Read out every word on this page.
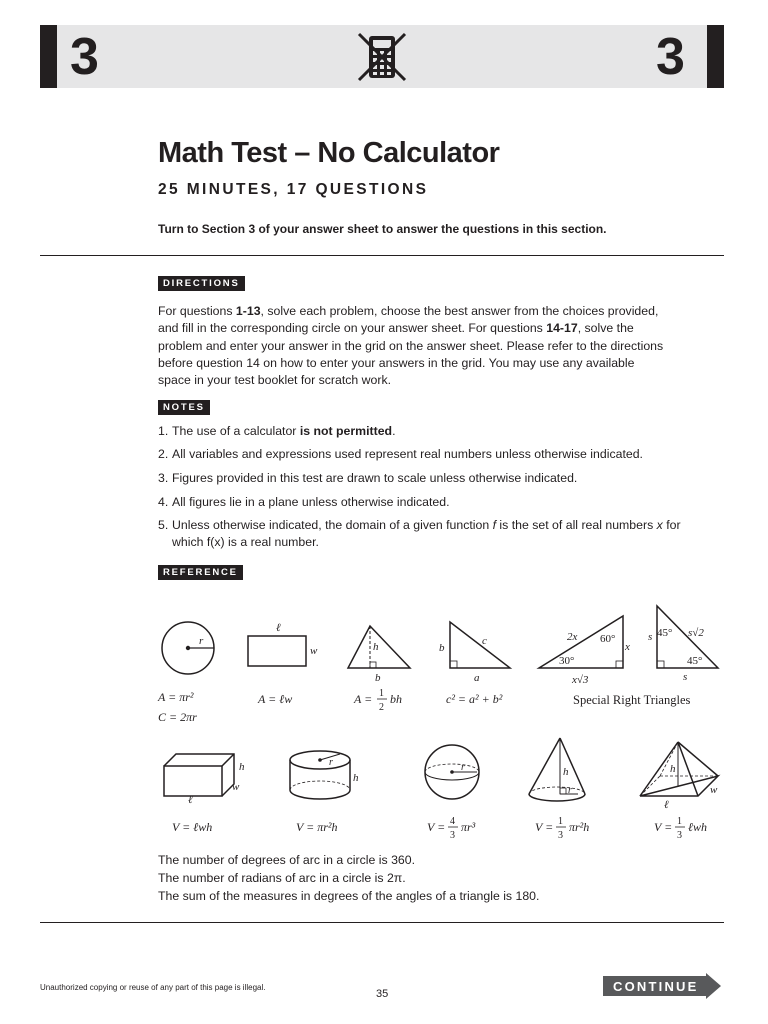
3	3
Math Test – No Calculator
25 MINUTES, 17 QUESTIONS
Turn to Section 3 of your answer sheet to answer the questions in this section.
DIRECTIONS
For questions 1-13, solve each problem, choose the best answer from the choices provided, and fill in the corresponding circle on your answer sheet. For questions 14-17, solve the problem and enter your answer in the grid on the answer sheet. Please refer to the directions before question 14 on how to enter your answers in the grid. You may use any available space in your test booklet for scratch work.
NOTES
1. The use of a calculator is not permitted.
2. All variables and expressions used represent real numbers unless otherwise indicated.
3. Figures provided in this test are drawn to scale unless otherwise indicated.
4. All figures lie in a plane unless otherwise indicated.
5. Unless otherwise indicated, the domain of a given function f is the set of all real numbers x for
which f(x) is a real number.
REFERENCE
r
A = πr²
C = 2πr
ℓ
w
A = ℓw
h
b
A = 1
2
bh
b
c
a
c² = a² + b²
2x 60°
x
30°
x√3
s 45° s√2
45°
s
Special Right Triangles
h
w
ℓ
V = ℓwh
r
h
V = πr²h
r
V = 4
3
πr³
h
r
V = 1
3
πr²h
h
w
ℓ
V = 1
3
ℓwh
The number of degrees of arc in a circle is 360.
The number of radians of arc in a circle is 2π.
The sum of the measures in degrees of the angles of a triangle is 180.
Unauthorized copying or reuse of any part of this page is illegal.
35	CONTINUE
